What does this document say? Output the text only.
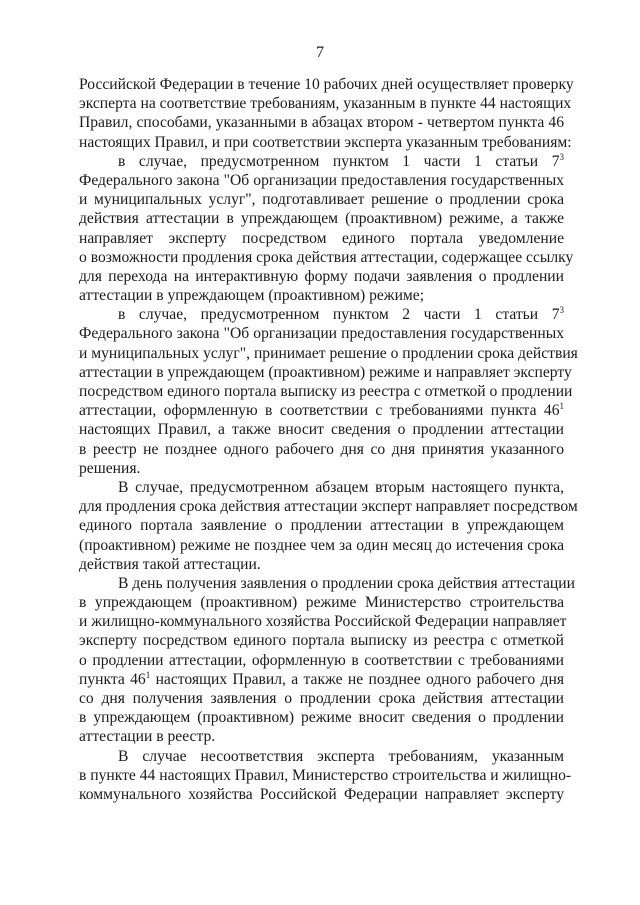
7
Российской Федерации в течение 10 рабочих дней осуществляет проверку
эксперта на соответствие требованиям, указанным в пункте 44 настоящих
Правил, способами, указанными в абзацах втором - четвертом пункта 46
настоящих Правил, и при соответствии эксперта указанным требованиям:
в случае, предусмотренном пунктом 1 части 1 статьи $7^3$
Федерального закона "Об организации предоставления государственных
и муниципальных услуг", подготавливает решение о продлении срока
действия аттестации в упреждающем (проактивном) режиме, а также
направляет эксперту посредством единого портала уведомление
о возможности продления срока действия аттестации, содержащее ссылку
для перехода на интерактивную форму подачи заявления о продлении
аттестации в упреждающем (проактивном) режиме;
в случае, предусмотренном пунктом 2 части 1 статьи $7^3$
Федерального закона "Об организации предоставления государственных
и муниципальных услуг", принимает решение о продлении срока действия
аттестации в упреждающем (проактивном) режиме и направляет эксперту
посредством единого портала выписку из реестра с отметкой о продлении
аттестации, оформленную в соответствии с требованиями пункта $46^1$
настоящих Правил, а также вносит сведения о продлении аттестации
в реестр не позднее одного рабочего дня со дня принятия указанного
решения.
В случае, предусмотренном абзацем вторым настоящего пункта,
для продления срока действия аттестации эксперт направляет посредством
единого портала заявление о продлении аттестации в упреждающем
(проактивном) режиме не позднее чем за один месяц до истечения срока
действия такой аттестации.
В день получения заявления о продлении срока действия аттестации
в упреждающем (проактивном) режиме Министерство строительства
и жилищно-коммунального хозяйства Российской Федерации направляет
эксперту посредством единого портала выписку из реестра с отметкой
о продлении аттестации, оформленную в соответствии с требованиями
пункта $46^1$ настоящих Правил, а также не позднее одного рабочего дня
со дня получения заявления о продлении срока действия аттестации
в упреждающем (проактивном) режиме вносит сведения о продлении
аттестации в реестр.
В случае несоответствия эксперта требованиям, указанным
в пункте 44 настоящих Правил, Министерство строительства и жилищно-
коммунального хозяйства Российской Федерации направляет эксперту
